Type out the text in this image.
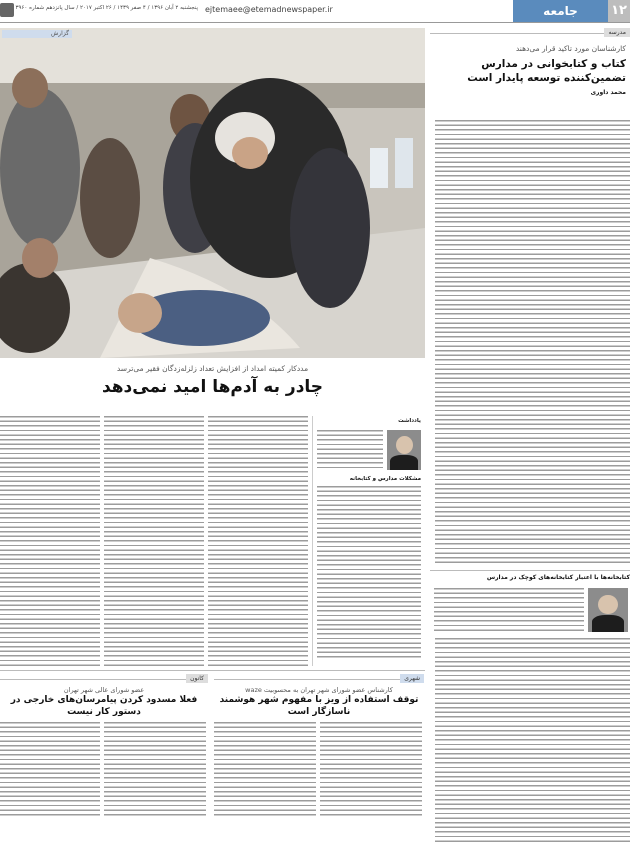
۱۲
جامعه
ejtemaee@etemadnewspaper.ir
پنجشنبه ۲ آبان ۱۳۹۶ / ۴ صفر ۱۴۳۹ / ۲۶ اکتبر ۲۰۱۷ / سال پانزدهم شماره ۳۹۶۰
مدرسه
کارشناسان مورد تاکید قرار می‌دهند
کتاب و کتابخوانی در مدارس تضمین‌کننده توسعه پایدار است
محمد داوری
کتابخانه‌ها با اعتبار کتابخانه‌های کوچک در مدارس
گزارش
مددکار کمیته امداد از افزایش تعداد زلزله‌زدگان فقیر می‌ترسد
چادر به آدم‌ها امید نمی‌دهد
یادداشت
مشکلات مدارس و کتابخانه
کانون
عضو شورای عالی شهر تهران
فعلا مسدود کردن پیامرسان‌های خارجی در دستور کار نیست
شهری
کارشناس عضو شورای شهر تهران به محسوبیت waze
توقف استفاده از ویز با مفهوم شهر هوشمند ناسازگار است
